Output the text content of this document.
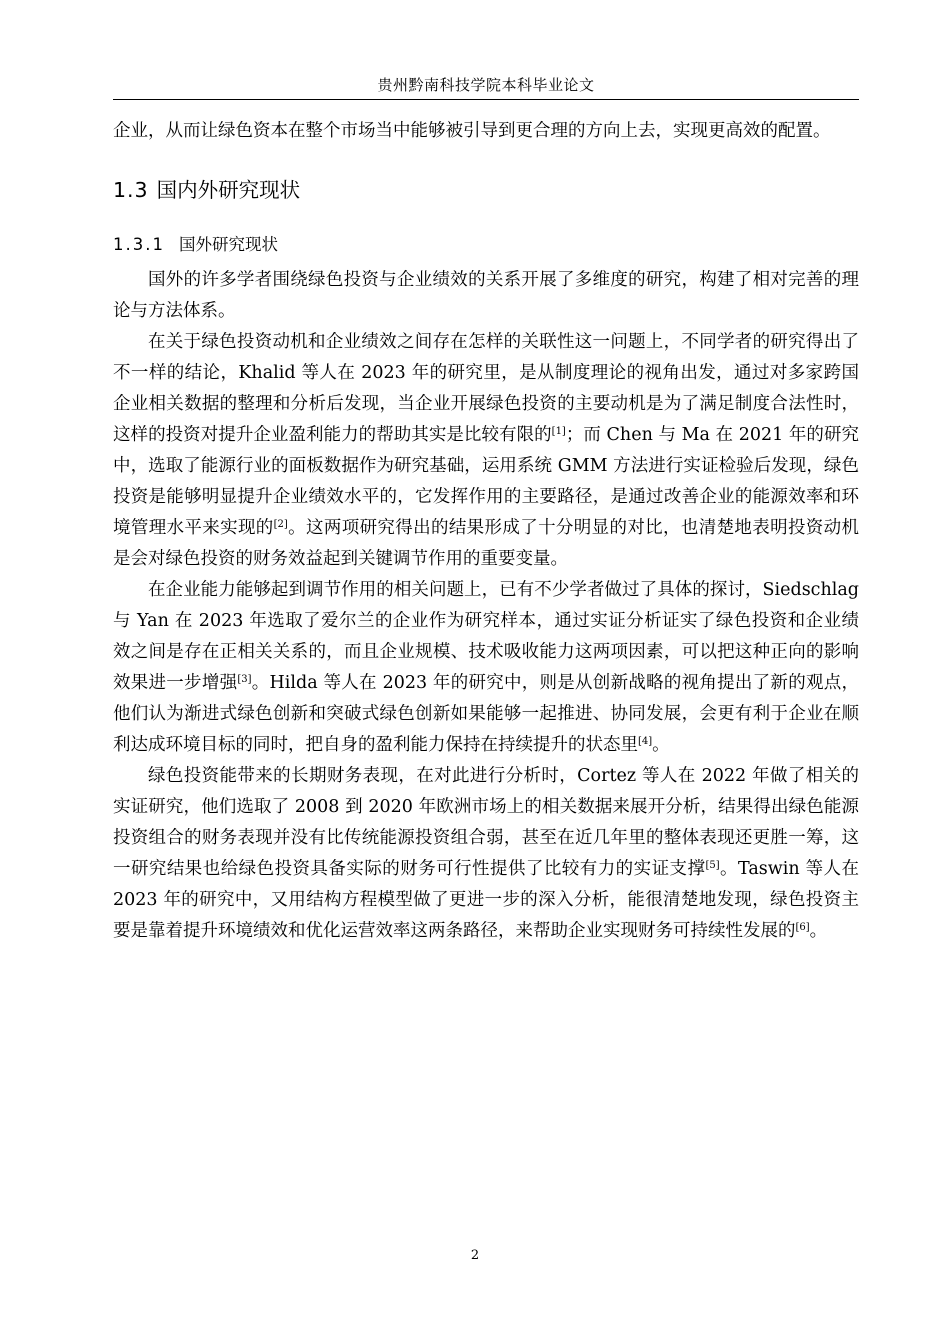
贵州黔南科技学院本科毕业论文

企业，从而让绿色资本在整个市场当中能够被引导到更合理的方向上去，实现更高效的配置。

1.3 国内外研究现状
1.3.1 国外研究现状

国外的许多学者围绕绿色投资与企业绩效的关系开展了多维度的研究，构建了相对完善的理论与方法体系。

在关于绿色投资动机和企业绩效之间存在怎样的关联性这一问题上，不同学者的研究得出了不一样的结论，Khalid 等人在 2023 年的研究里，是从制度理论的视角出发，通过对多家跨国企业相关数据的整理和分析后发现，当企业开展绿色投资的主要动机是为了满足制度合法性时，这样的投资对提升企业盈利能力的帮助其实是比较有限的[1]；而 Chen 与 Ma 在 2021 年的研究中，选取了能源行业的面板数据作为研究基础，运用系统 GMM 方法进行实证检验后发现，绿色投资是能够明显提升企业绩效水平的，它发挥作用的主要路径，是通过改善企业的能源效率和环境管理水平来实现的[2]。这两项研究得出的结果形成了十分明显的对比，也清楚地表明投资动机是会对绿色投资的财务效益起到关键调节作用的重要变量。

在企业能力能够起到调节作用的相关问题上，已有不少学者做过了具体的探讨，Siedschlag 与 Yan 在 2023 年选取了爱尔兰的企业作为研究样本，通过实证分析证实了绿色投资和企业绩效之间是存在正相关关系的，而且企业规模、技术吸收能力这两项因素，可以把这种正向的影响效果进一步增强[3]。Hilda 等人在 2023 年的研究中，则是从创新战略的视角提出了新的观点，他们认为渐进式绿色创新和突破式绿色创新如果能够一起推进、协同发展，会更有利于企业在顺利达成环境目标的同时，把自身的盈利能力保持在持续提升的状态里[4]。

绿色投资能带来的长期财务表现，在对此进行分析时，Cortez 等人在 2022 年做了相关的实证研究，他们选取了 2008 到 2020 年欧洲市场上的相关数据来展开分析，结果得出绿色能源投资组合的财务表现并没有比传统能源投资组合弱，甚至在近几年里的整体表现还更胜一筹，这一研究结果也给绿色投资具备实际的财务可行性提供了比较有力的实证支撑[5]。Taswin 等人在 2023 年的研究中，又用结构方程模型做了更进一步的深入分析，能很清楚地发现，绿色投资主要是靠着提升环境绩效和优化运营效率这两条路径，来帮助企业实现财务可持续性发展的[6]。

2
